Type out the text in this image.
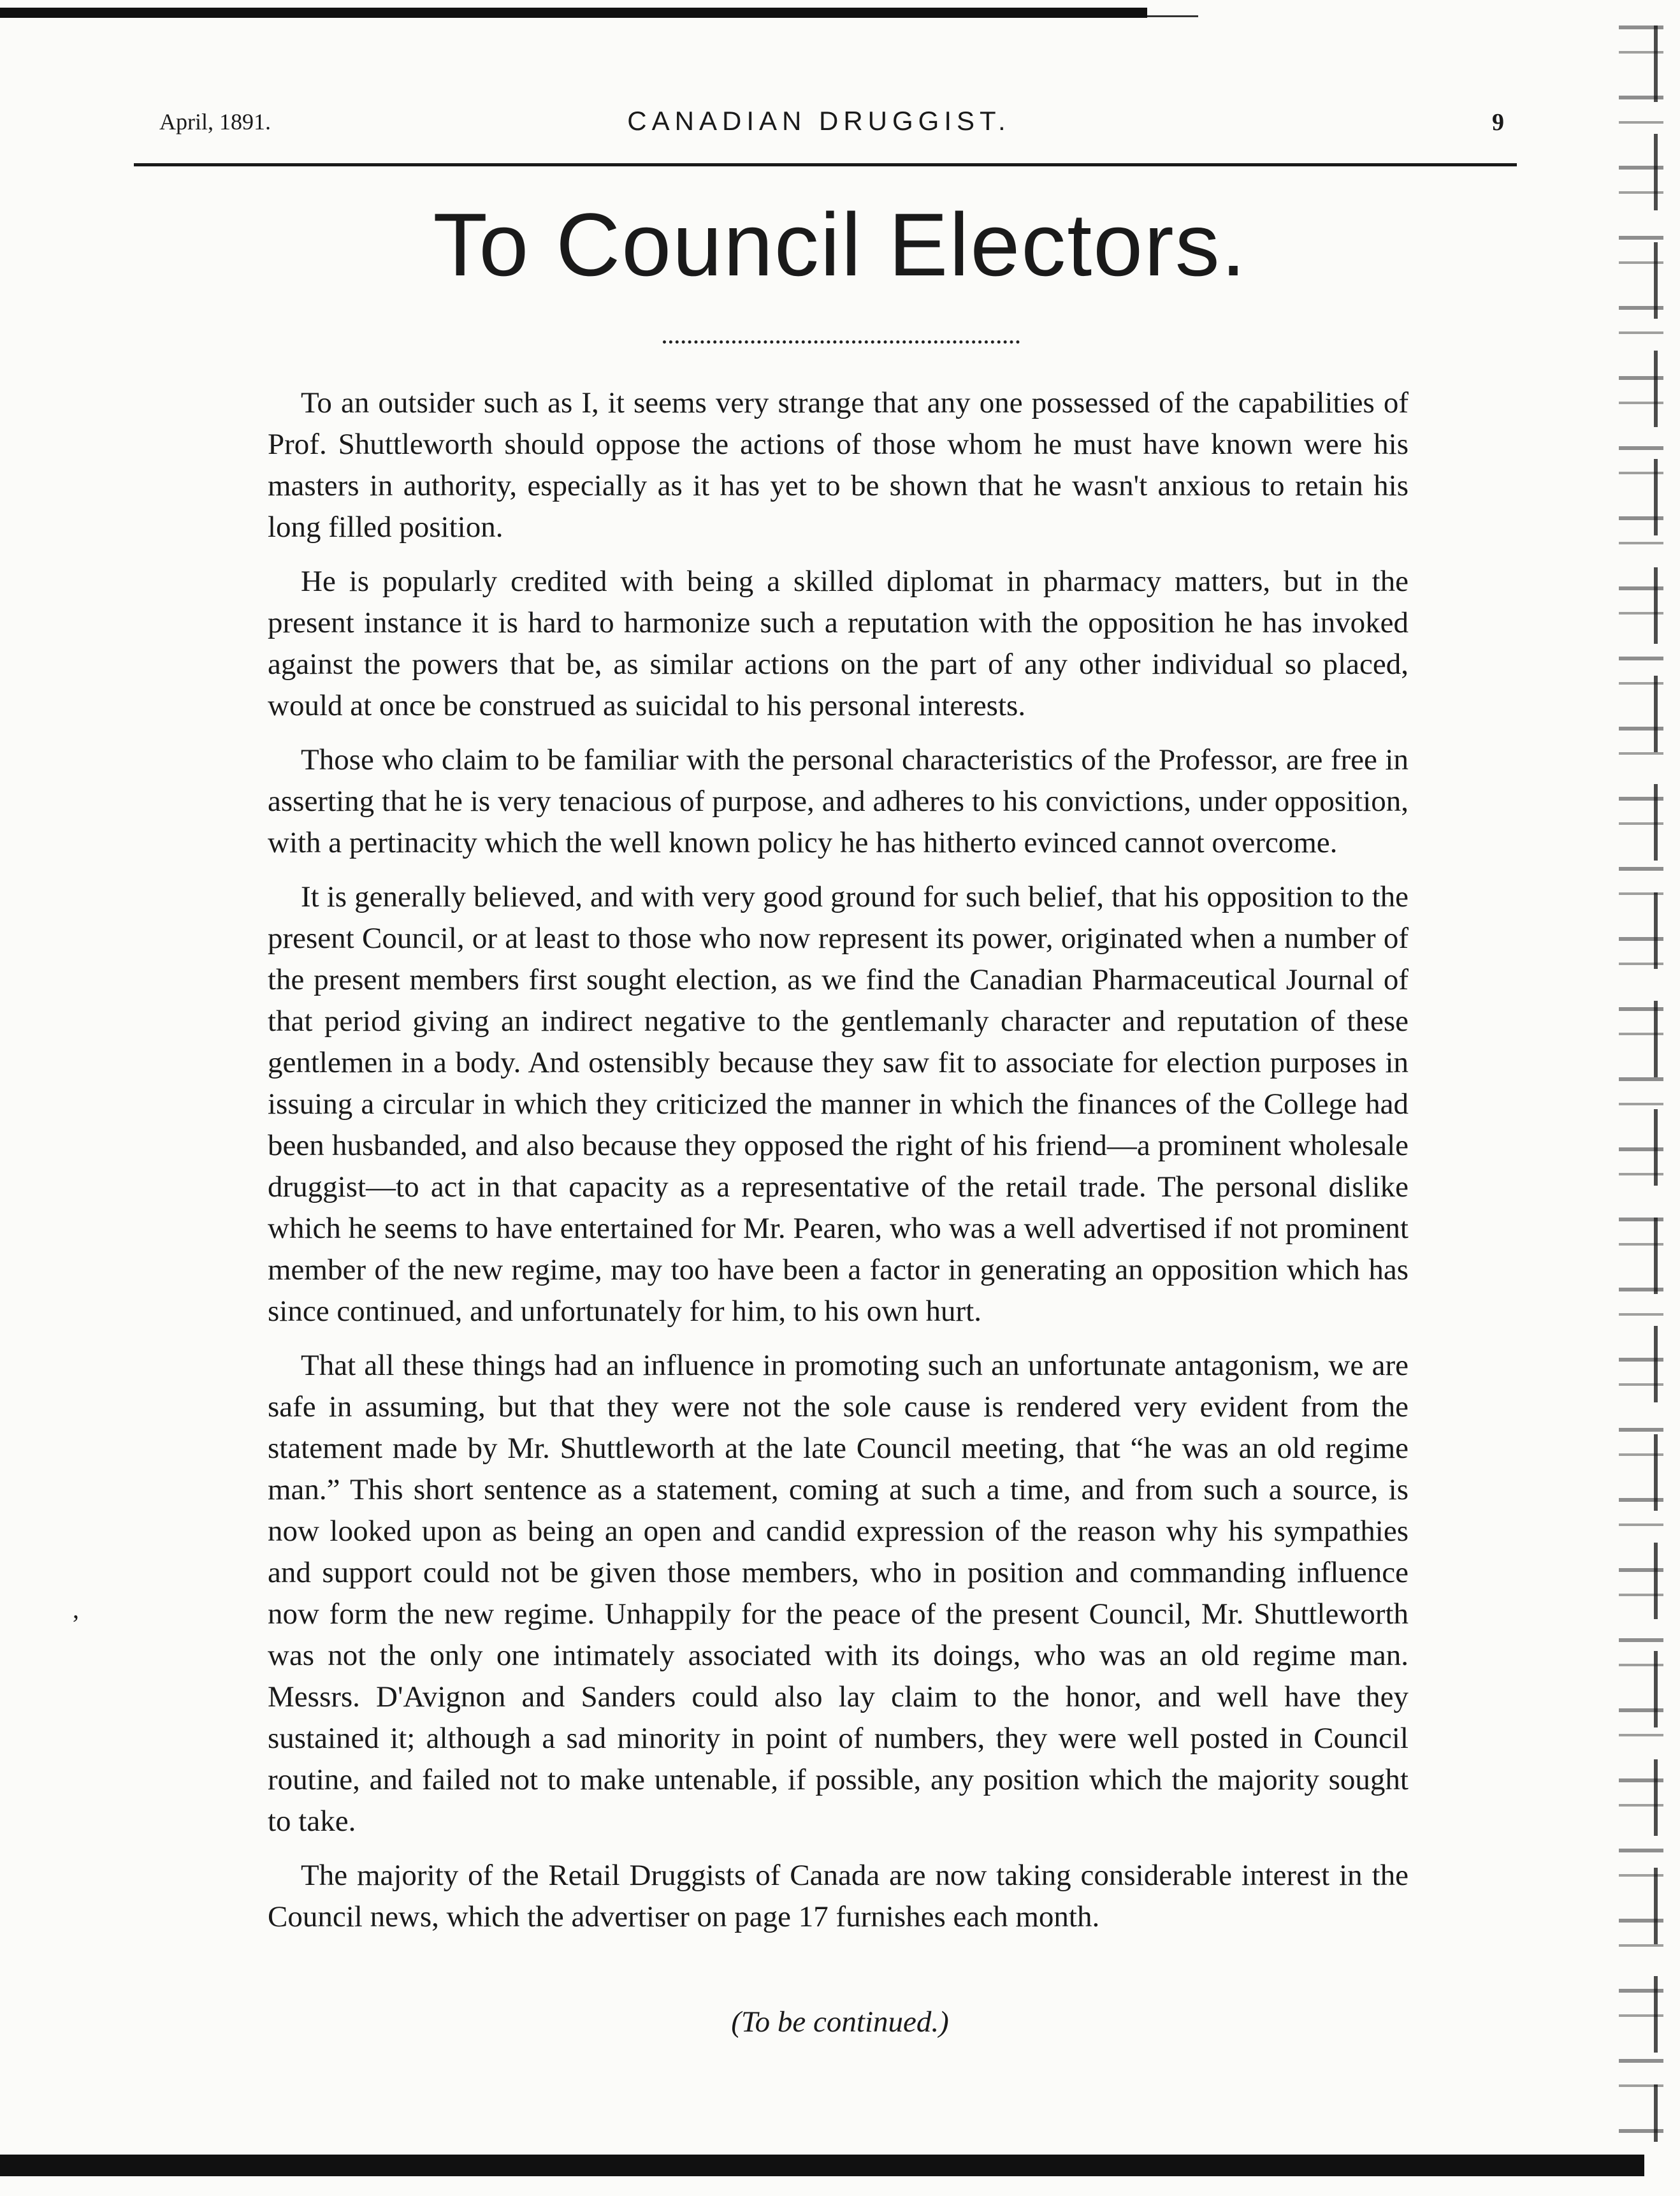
April, 1891.	CANADIAN DRUGGIST.	9
To Council Electors.

To an outsider such as I, it seems very strange that any one possessed of the capabilities of Prof. Shuttleworth should oppose the actions of those whom he must have known were his masters in authority, especially as it has yet to be shown that he wasn't anxious to retain his long filled position.

He is popularly credited with being a skilled diplomat in pharmacy matters, but in the present instance it is hard to harmonize such a reputation with the opposition he has invoked against the powers that be, as similar actions on the part of any other individual so placed, would at once be construed as suicidal to his personal interests.

Those who claim to be familiar with the personal characteristics of the Professor, are free in asserting that he is very tenacious of purpose, and adheres to his convictions, under opposition, with a pertinacity which the well known policy he has hitherto evinced cannot overcome.

It is generally believed, and with very good ground for such belief, that his opposition to the present Council, or at least to those who now represent its power, originated when a number of the present members first sought election, as we find the Canadian Pharmaceutical Journal of that period giving an indirect negative to the gentlemanly character and reputation of these gentlemen in a body. And ostensibly because they saw fit to associate for election purposes in issuing a circular in which they criticized the manner in which the finances of the College had been husbanded, and also because they opposed the right of his friend—a prominent wholesale druggist—to act in that capacity as a representative of the retail trade. The personal dislike which he seems to have entertained for Mr. Pearen, who was a well advertised if not prominent member of the new regime, may too have been a factor in generating an opposition which has since continued, and unfortunately for him, to his own hurt.

That all these things had an influence in promoting such an unfortunate antagonism, we are safe in assuming, but that they were not the sole cause is rendered very evident from the statement made by Mr. Shuttleworth at the late Council meeting, that “he was an old regime man.” This short sentence as a statement, coming at such a time, and from such a source, is now looked upon as being an open and candid expression of the reason why his sympathies and support could not be given those members, who in position and commanding influence now form the new regime. Unhappily for the peace of the present Council, Mr. Shuttleworth was not the only one intimately associated with its doings, who was an old regime man. Messrs. D'Avignon and Sanders could also lay claim to the honor, and well have they sustained it; although a sad minority in point of numbers, they were well posted in Council routine, and failed not to make untenable, if possible, any position which the majority sought to take.

The majority of the Retail Druggists of Canada are now taking considerable interest in the Council news, which the advertiser on page 17 furnishes each month.

(To be continued.)
ʼ
